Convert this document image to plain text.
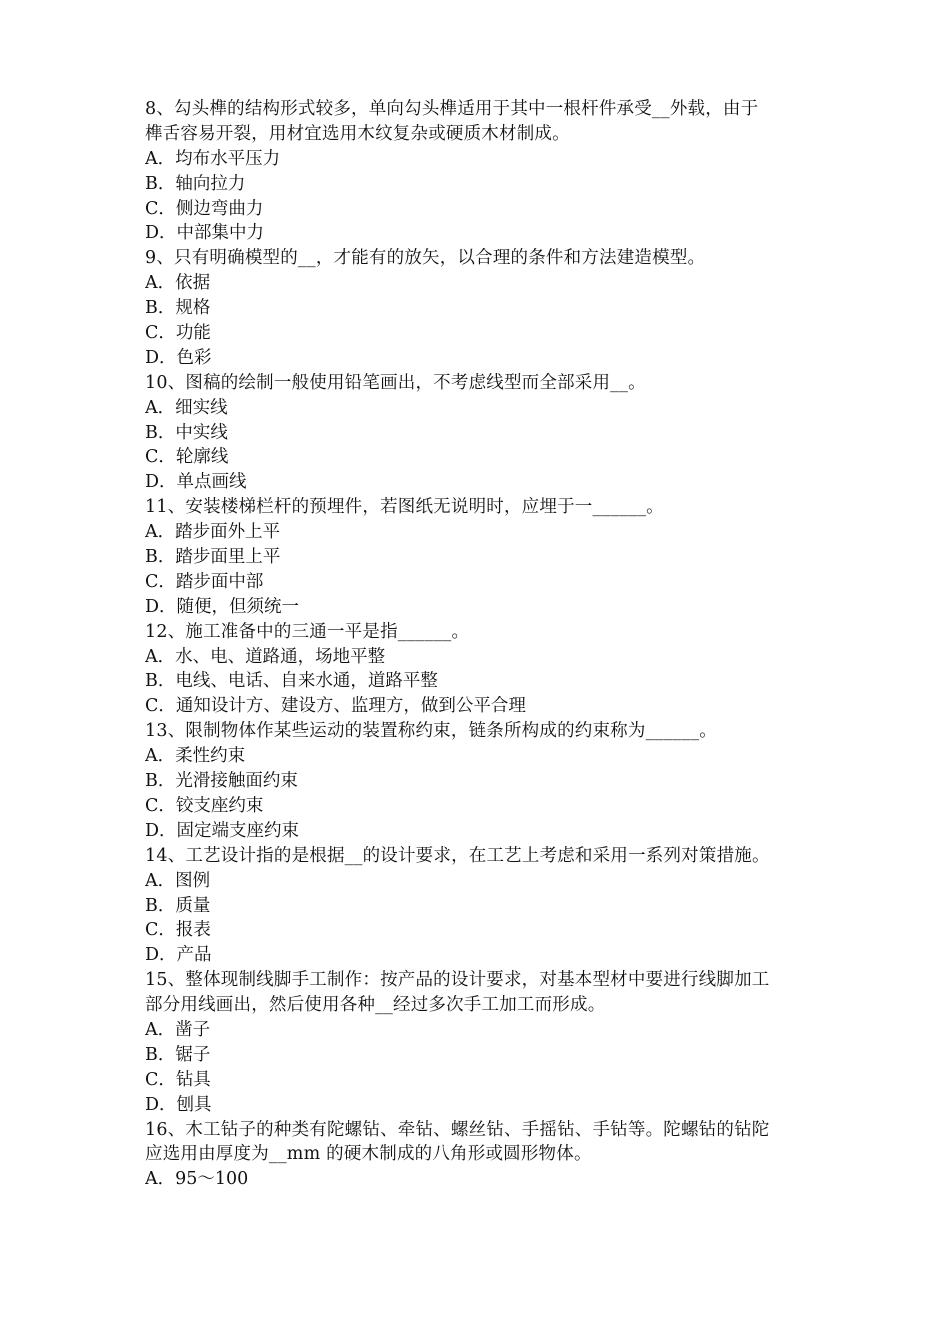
8、勾头榫的结构形式较多，单向勾头榫适用于其中一根杆件承受__外载，由于
榫舌容易开裂，用材宜选用木纹复杂或硬质木材制成。
A．均布水平压力
B．轴向拉力
C．侧边弯曲力
D．中部集中力
9、只有明确模型的__，才能有的放矢，以合理的条件和方法建造模型。
A．依据
B．规格
C．功能
D．色彩
10、图稿的绘制一般使用铅笔画出，不考虑线型而全部采用__。
A．细实线
B．中实线
C．轮廓线
D．单点画线
11、安装楼梯栏杆的预埋件，若图纸无说明时，应埋于一______。
A．踏步面外上平
B．踏步面里上平
C．踏步面中部
D．随便，但须统一
12、施工准备中的三通一平是指______。
A．水、电、道路通，场地平整
B．电线、电话、自来水通，道路平整
C．通知设计方、建设方、监理方，做到公平合理
13、限制物体作某些运动的装置称约束，链条所构成的约束称为______。
A．柔性约束
B．光滑接触面约束
C．铰支座约束
D．固定端支座约束
14、工艺设计指的是根据__的设计要求，在工艺上考虑和采用一系列对策措施。
A．图例
B．质量
C．报表
D．产品
15、整体现制线脚手工制作：按产品的设计要求，对基本型材中要进行线脚加工
部分用线画出，然后使用各种__经过多次手工加工而形成。
A．凿子
B．锯子
C．钻具
D．刨具
16、木工钻子的种类有陀螺钻、牵钻、螺丝钻、手摇钻、手钻等。陀螺钻的钻陀
应选用由厚度为__mm 的硬木制成的八角形或圆形物体。
A．95～100
